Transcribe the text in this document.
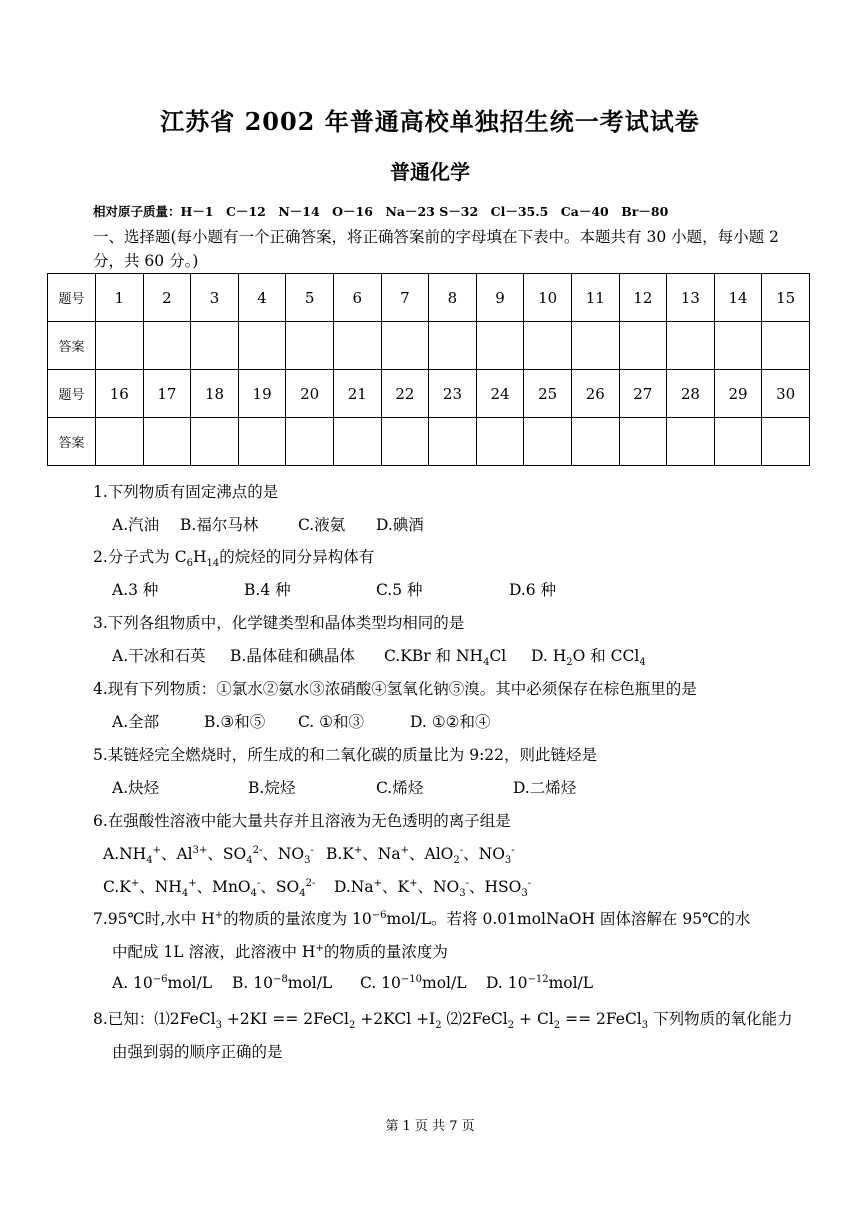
江苏省 2002 年普通高校单独招生统一考试试卷
普通化学
相对原子质量：H－1　C－12　N－14　O－16　Na－23 S－32　Cl－35.5　Ca－40　Br－80
一、选择题(每小题有一个正确答案，将正确答案前的字母填在下表中。本题共有 30 小题，每小题 2 分，共 60 分。)
题号	1	2	3	4	5	6	7	8	9	10	11	12	13	14	15
答案															
题号	16	17	18	19	20	21	22	23	24	25	26	27	28	29	30
答案															
1.下列物质有固定沸点的是
A.汽油 B.福尔马林	C.液氨 D.碘酒
2.分子式为 $C_6H_{14}$的烷烃的同分异构体有
A.3 种	B.4 种	C.5 种	D.6 种
3.下列各组物质中，化学键类型和晶体类型均相同的是
A.干冰和石英 B.晶体硅和碘晶体 C.KBr 和 $NH_4Cl$ D. $H_2O$ 和 CCl$_4$
4.现有下列物质：①氯水②氨水③浓硝酸④氢氧化钠⑤溴。其中必须保存在棕色瓶里的是
A.全部	B.③和⑤ C. ①和③	D. ①②和④
5.某链烃完全燃烧时，所生成的和二氧化碳的质量比为 9:22，则此链烃是
A.炔烃	B.烷烃	C.烯烃	D.二烯烃
6.在强酸性溶液中能大量共存并且溶液为无色透明的离子组是
$A.NH_4^+$、$Al^{3+}$、$SO_4^{2-}$、$NO_3^-$ B.K+、Na+、AlO$_2$-、$NO_3^-$
C.K+、$NH_4^+$、MnO$_4$-、$SO_4^{2-}$ D.Na+、K+、$NO_3^-$、$HSO_3^-$
7.95℃时,水中 H+的物质的量浓度为 $10^{-6}mol/L$。若将 0.01molNaOH 固体溶解在 95℃的水
中配成 1L 溶液，此溶液中 H+的物质的量浓度为
A. $10^{-6}mol/L$ B. $10^{-8}mol/L$ C. $10^{-10}mol/L$ D. $10^{-12}mol/L$
8.已知：⑴2FeCl$_3$ +2KI == 2FeCl$_2$ $+2KCl +I_2$ ⑵2FeCl$_2$ + $Cl_2$ == 2FeCl$_3$ 下列物质的氧化能力
由强到弱的顺序正确的是
第 1 页 共 7 页
